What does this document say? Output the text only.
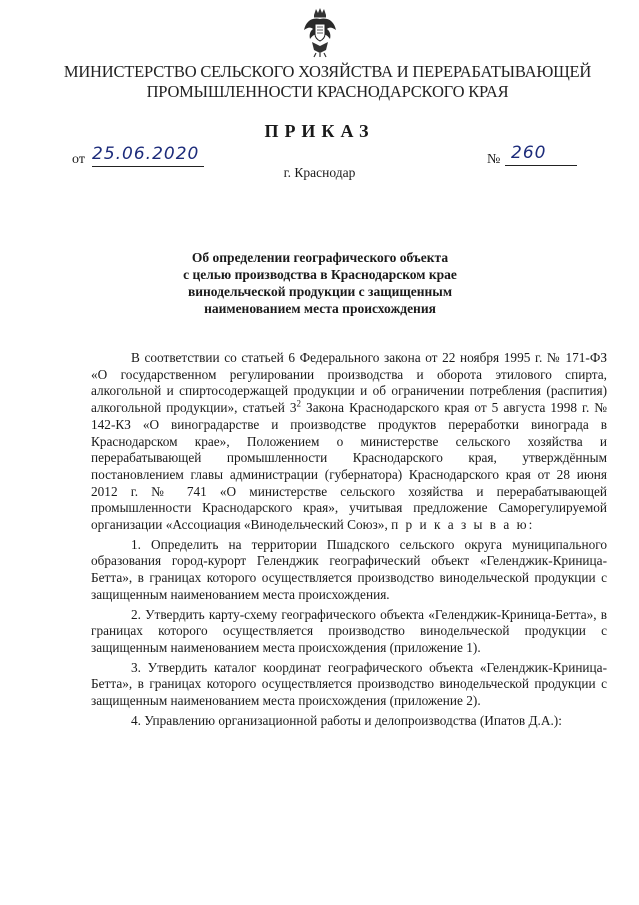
МИНИСТЕРСТВО СЕЛЬСКОГО ХОЗЯЙСТВА И ПЕРЕРАБАТЫВАЮЩЕЙ
ПРОМЫШЛЕННОСТИ КРАСНОДАРСКОГО КРАЯ
ПРИКАЗ
от 25.06.2020	№ 260
г. Краснодар
Об определении географического объекта
с целью производства в Краснодарском крае
винодельческой продукции с защищенным
наименованием места происхождения

В соответствии со статьей 6 Федерального закона от 22 ноября 1995 г. № 171-ФЗ «О государственном регулировании производства и оборота этилового спирта, алкогольной и спиртосодержащей продукции и об ограничении потребления (распития) алкогольной продукции», статьей $3^2$ Закона Краснодарского края от 5 августа 1998 г. № 142-КЗ «О виноградарстве и производстве продуктов переработки винограда в Краснодарском крае», Положением о министерстве сельского хозяйства и перерабатывающей промышленности Краснодарского края, утверждённым постановлением главы администрации (губернатора) Краснодарского края от 28 июня 2012 г. № 741 «О министерстве сельского хозяйства и перерабатывающей промышленности Краснодарского края», учитывая предложение Саморегулируемой организации «Ассоциация «Винодельческий Союз», п р и к а з ы в а ю:

1. Определить на территории Пшадского сельского округа муниципального образования город-курорт Геленджик географический объект «Геленджик-Криница-Бетта», в границах которого осуществляется производство винодельческой продукции с защищенным наименованием места происхождения.

2. Утвердить карту-схему географического объекта «Геленджик-Криница-Бетта», в границах которого осуществляется производство винодельческой продукции с защищенным наименованием места происхождения (приложение 1).

3. Утвердить каталог координат географического объекта «Геленджик-Криница-Бетта», в границах которого осуществляется производство винодельческой продукции с защищенным наименованием места происхождения (приложение 2).

4. Управлению организационной работы и делопроизводства (Ипатов Д.А.):
